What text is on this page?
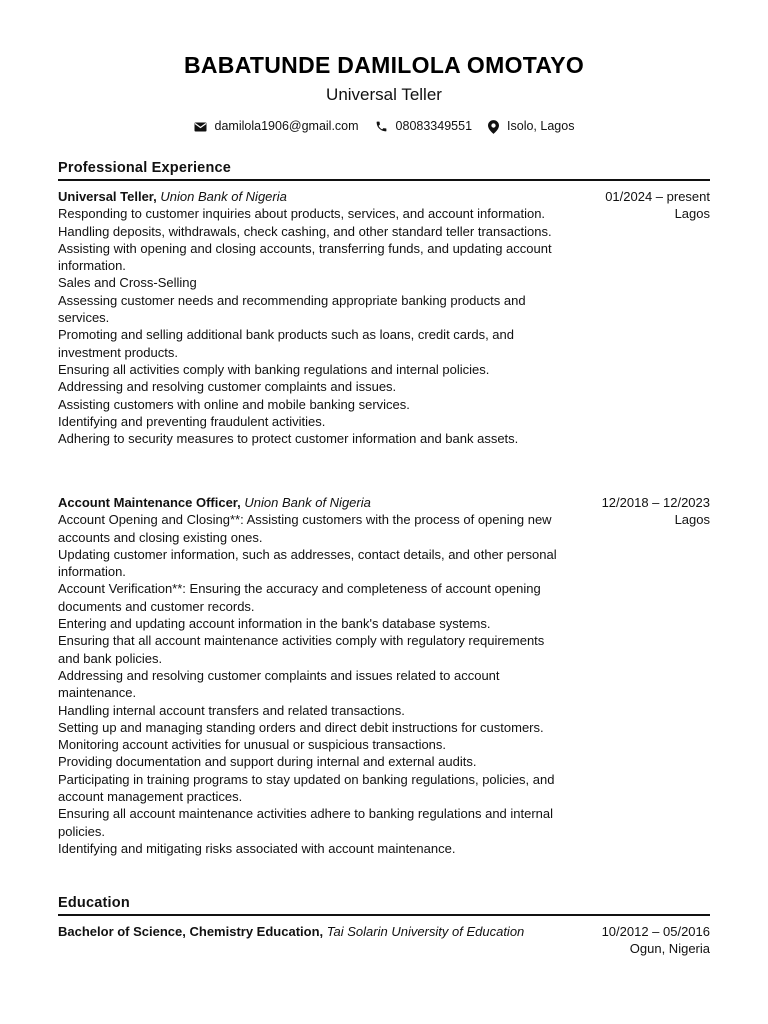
BABATUNDE DAMILOLA OMOTAYO
Universal Teller
damilola1906@gmail.com	08083349551	Isolo, Lagos
Professional Experience
Universal Teller, Union Bank of Nigeria	01/2024 – present

Responding to customer inquiries about products, services, and account information.

Handling deposits, withdrawals, check cashing, and other standard teller transactions.

Assisting with opening and closing accounts, transferring funds, and updating account information.

Sales and Cross-Selling

Assessing customer needs and recommending appropriate banking products and services.

Promoting and selling additional bank products such as loans, credit cards, and investment products.

Ensuring all activities comply with banking regulations and internal policies.

Addressing and resolving customer complaints and issues.

Assisting customers with online and mobile banking services.

Identifying and preventing fraudulent activities.

Adhering to security measures to protect customer information and bank assets.

Lagos
Account Maintenance Officer, Union Bank of Nigeria	12/2018 – 12/2023

Account Opening and Closing**: Assisting customers with the process of opening new accounts and closing existing ones.

Updating customer information, such as addresses, contact details, and other personal information.

Account Verification**: Ensuring the accuracy and completeness of account opening documents and customer records.

Entering and updating account information in the bank's database systems.

Ensuring that all account maintenance activities comply with regulatory requirements and bank policies.

Addressing and resolving customer complaints and issues related to account maintenance.

Handling internal account transfers and related transactions.

Setting up and managing standing orders and direct debit instructions for customers.

Monitoring account activities for unusual or suspicious transactions.

Providing documentation and support during internal and external audits.

Participating in training programs to stay updated on banking regulations, policies, and account management practices.

Ensuring all account maintenance activities adhere to banking regulations and internal policies.

Identifying and mitigating risks associated with account maintenance.

Lagos
Education
Bachelor of Science, Chemistry Education, Tai Solarin University of Education	10/2012 – 05/2016
Ogun, Nigeria
